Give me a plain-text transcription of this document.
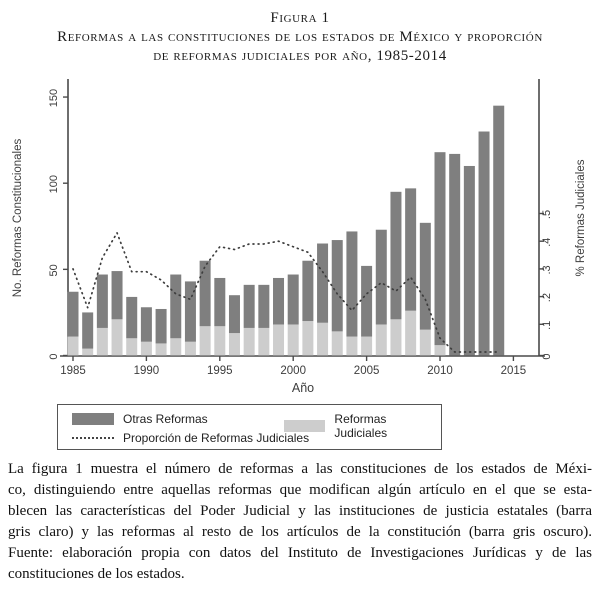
Figura 1
Reformas a las constituciones de los estados de México y proporción
de reformas judiciales por año, 1985-2014
0
50
100
150
0
.1
.2
.3
.4
.5
1985	1990	1995	2000	2005	2010	2015
No. Reformas Constitucionales	% Reformas Judiciales
Año
Otras Reformas	Reformas Judiciales
Proporción de Reformas Judiciales
La figura 1 muestra el número de reformas a las constituciones de los estados de Méxi-
co, distinguiendo entre aquellas reformas que modifican algún artículo en el que se esta-
blecen las características del Poder Judicial y las instituciones de justicia estatales (barra
gris claro) y las reformas al resto de los artículos de la constitución (barra gris oscuro).
Fuente: elaboración propia con datos del Instituto de Investigaciones Jurídicas y de las
constituciones de los estados.
